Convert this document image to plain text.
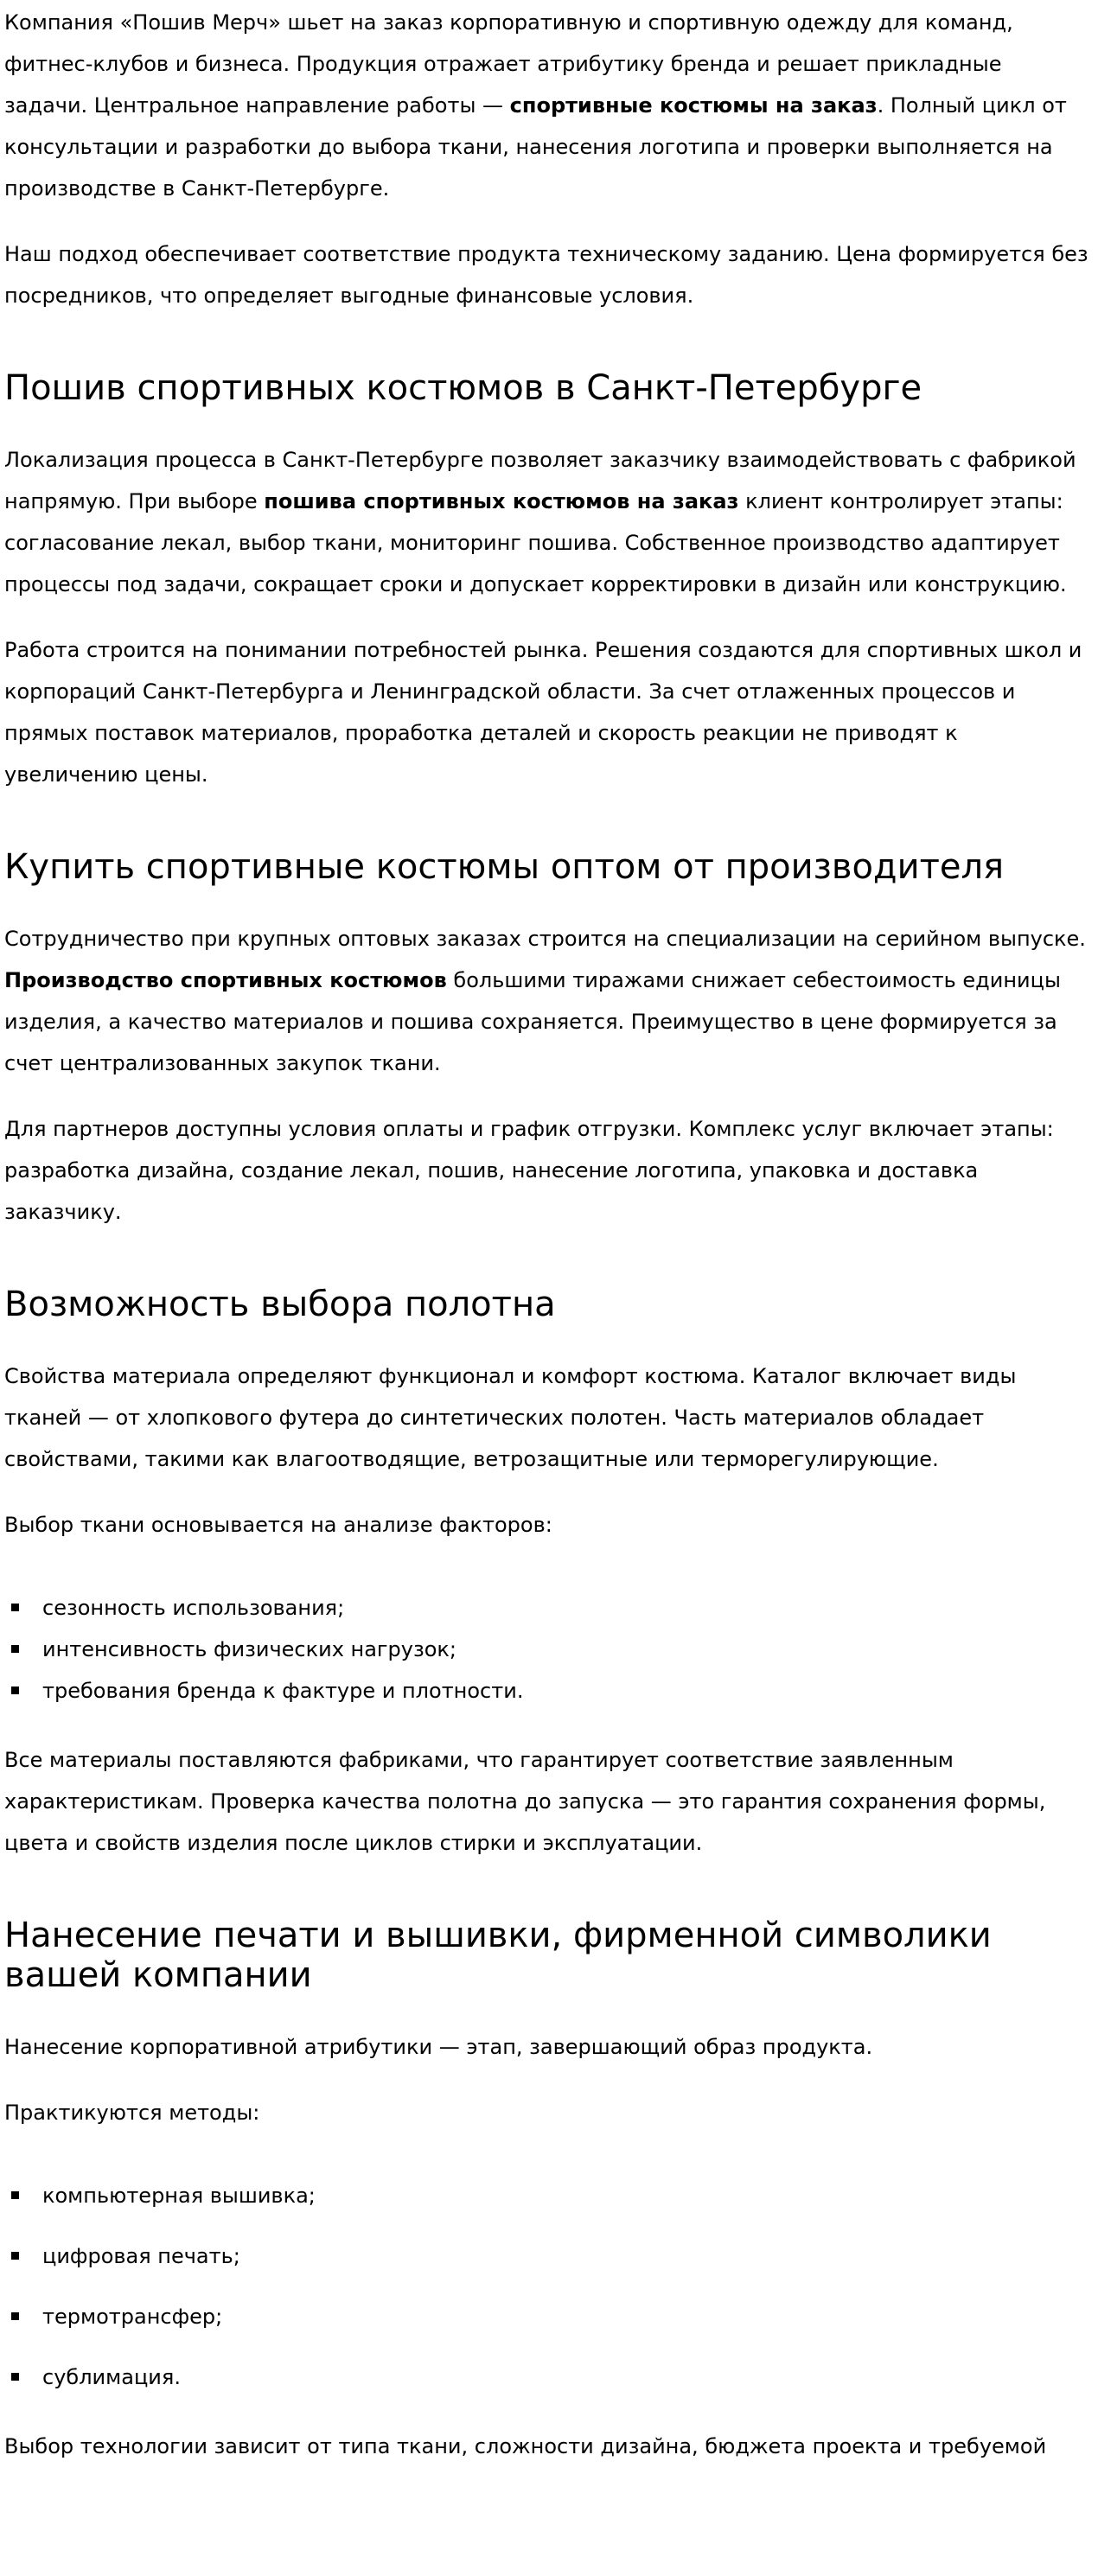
Компания «Пошив Мерч» шьет на заказ корпоративную и спортивную одежду для команд, фитнес-клубов и бизнеса. Продукция отражает атрибутику бренда и решает прикладные задачи. Центральное направление работы — спортивные костюмы на заказ. Полный цикл от консультации и разработки до выбора ткани, нанесения логотипа и проверки выполняется на производстве в Санкт-Петербурге.

Наш подход обеспечивает соответствие продукта техническому заданию. Цена формируется без посредников, что определяет выгодные финансовые условия.

Пошив спортивных костюмов в Санкт-Петербурге

Локализация процесса в Санкт-Петербурге позволяет заказчику взаимодействовать с фабрикой напрямую. При выборе пошива спортивных костюмов на заказ клиент контролирует этапы: согласование лекал, выбор ткани, мониторинг пошива. Собственное производство адаптирует процессы под задачи, сокращает сроки и допускает корректировки в дизайн или конструкцию.

Работа строится на понимании потребностей рынка. Решения создаются для спортивных школ и корпораций Санкт-Петербурга и Ленинградской области. За счет отлаженных процессов и прямых поставок материалов, проработка деталей и скорость реакции не приводят к увеличению цены.

Купить спортивные костюмы оптом от производителя

Сотрудничество при крупных оптовых заказах строится на специализации на серийном выпуске. Производство спортивных костюмов большими тиражами снижает себестоимость единицы изделия, а качество материалов и пошива сохраняется. Преимущество в цене формируется за счет централизованных закупок ткани.

Для партнеров доступны условия оплаты и график отгрузки. Комплекс услуг включает этапы: разработка дизайна, создание лекал, пошив, нанесение логотипа, упаковка и доставка заказчику.

Возможность выбора полотна

Свойства материала определяют функционал и комфорт костюма. Каталог включает виды тканей — от хлопкового футера до синтетических полотен. Часть материалов обладает свойствами, такими как влагоотводящие, ветрозащитные или терморегулирующие.

Выбор ткани основывается на анализе факторов:

сезонность использования;
интенсивность физических нагрузок;
требования бренда к фактуре и плотности.

Все материалы поставляются фабриками, что гарантирует соответствие заявленным характеристикам. Проверка качества полотна до запуска — это гарантия сохранения формы, цвета и свойств изделия после циклов стирки и эксплуатации.

Нанесение печати и вышивки, фирменной символики вашей компании

Нанесение корпоративной атрибутики — этап, завершающий образ продукта.

Практикуются методы:

компьютерная вышивка;
цифровая печать;
термотрансфер;
сублимация.

Выбор технологии зависит от типа ткани, сложности дизайна, бюджета проекта и требуемой
